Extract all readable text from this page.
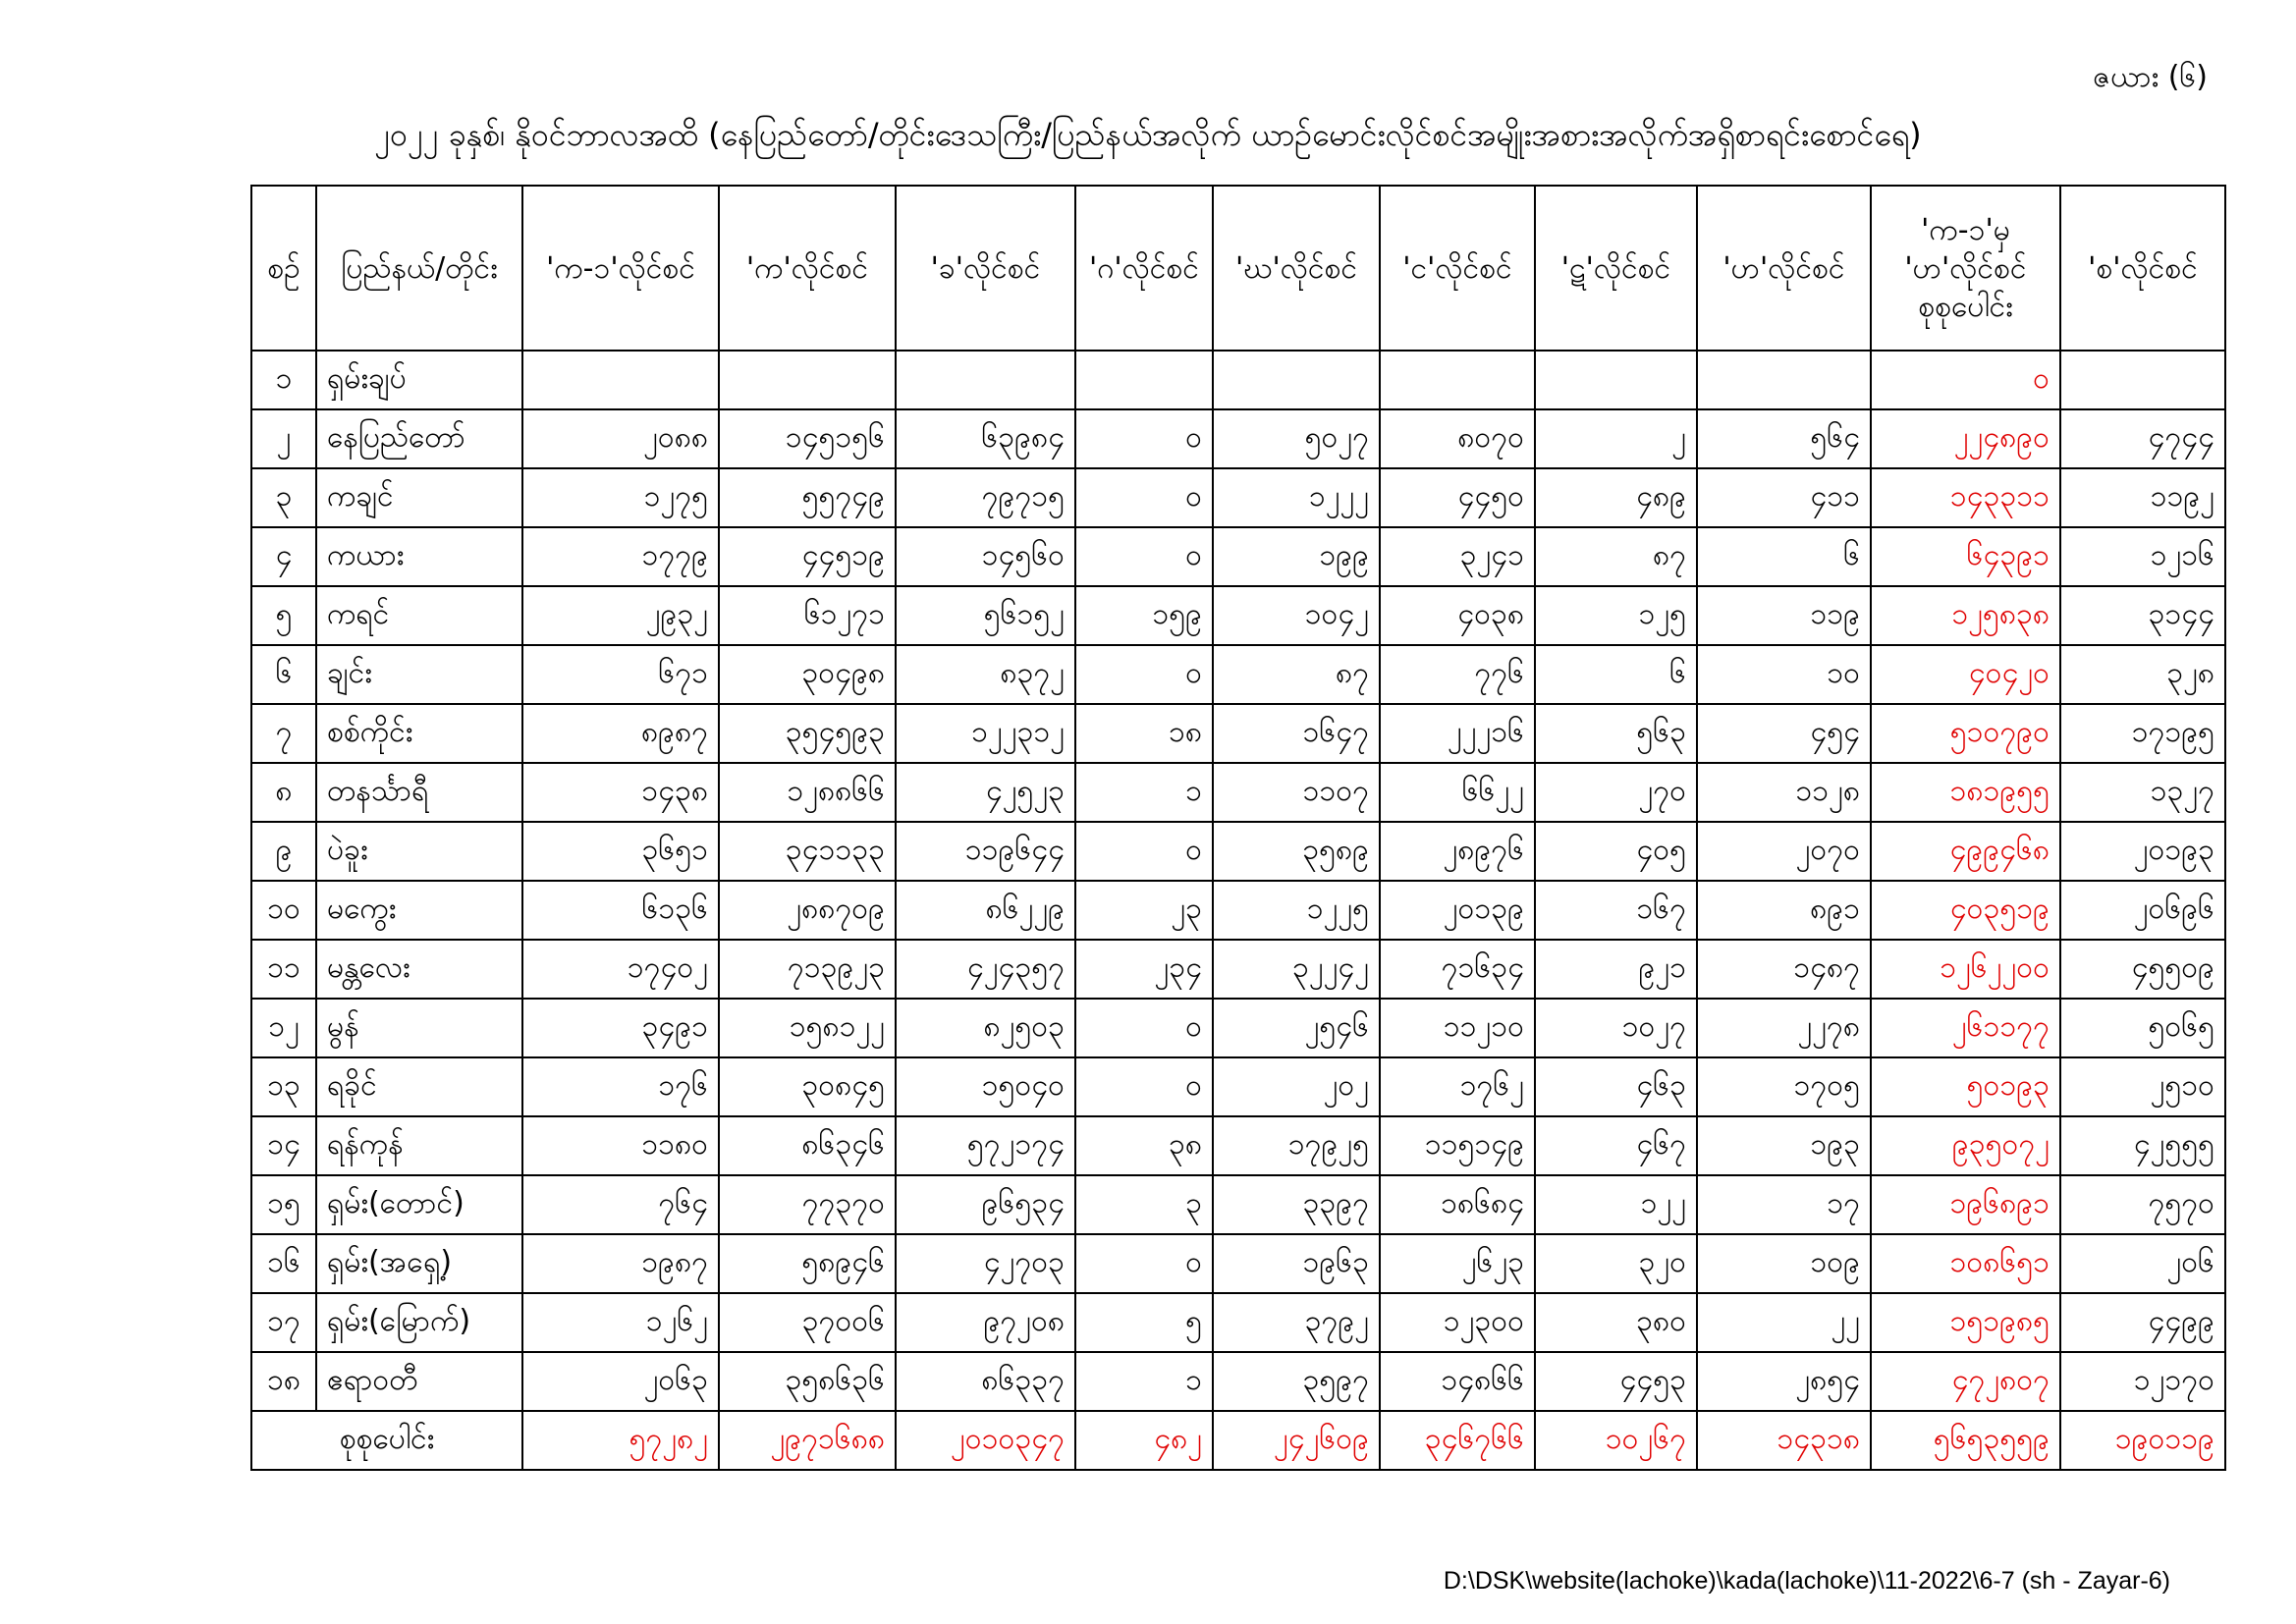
ဇယား (၆)
၂၀၂၂ ခုနှစ်၊ နိုဝင်ဘာလအထိ (နေပြည်တော်/တိုင်းဒေသကြီး/ပြည်နယ်အလိုက် ယာဉ်မောင်းလိုင်စင်အမျိုးအစားအလိုက်အရှိစာရင်းစောင်ရေ)
စဉ်	ပြည်နယ်/တိုင်း	'က-၁'လိုင်စင်	'က'လိုင်စင်	'ခ'လိုင်စင်	'ဂ'လိုင်စင်	'ဃ'လိုင်စင်	'င'လိုင်စင်	'ဋ'လိုင်စင်	'ဟ'လိုင်စင်	'က-၁'မှ 'ဟ'လိုင်စင် စုစုပေါင်း	'စ'လိုင်စင်
၁	ရှမ်းချပ်									၀	
၂	နေပြည်တော်	၂၀၈၈	၁၄၅၁၅၆	၆၃၉၈၄	၀	၅၀၂၇	၈၀၇၀	၂	၅၆၄	၂၂၄၈၉၀	၄၇၄၄
၃	ကချင်	၁၂၇၅	၅၅၇၄၉	၇၉၇၁၅	၀	၁၂၂၂	၄၄၅၀	၄၈၉	၄၁၁	၁၄၃၃၁၁	၁၁၉၂
၄	ကယား	၁၇၇၉	၄၄၅၁၉	၁၄၅၆၀	၀	၁၉၉	၃၂၄၁	၈၇	၆	၆၄၃၉၁	၁၂၁၆
၅	ကရင်	၂၉၃၂	၆၁၂၇၁	၅၆၁၅၂	၁၅၉	၁၀၄၂	၄၀၃၈	၁၂၅	၁၁၉	၁၂၅၈၃၈	၃၁၄၄
၆	ချင်း	၆၇၁	၃၀၄၉၈	၈၃၇၂	၀	၈၇	၇၇၆	၆	၁၀	၄၀၄၂၀	၃၂၈
၇	စစ်ကိုင်း	၈၉၈၇	၃၅၄၅၉၃	၁၂၂၃၁၂	၁၈	၁၆၄၇	၂၂၂၁၆	၅၆၃	၄၅၄	၅၁၀၇၉၀	၁၇၁၉၅
၈	တနင်္သာရီ	၁၄၃၈	၁၂၈၈၆၆	၄၂၅၂၃	၁	၁၁၀၇	၆၆၂၂	၂၇၀	၁၁၂၈	၁၈၁၉၅၅	၁၃၂၇
၉	ပဲခူး	၃၆၅၁	၃၄၁၁၃၃	၁၁၉၆၄၄	၀	၃၅၈၉	၂၈၉၇၆	၄၀၅	၂၀၇၀	၄၉၉၄၆၈	၂၀၁၉၃
၁၀	မကွေး	၆၁၃၆	၂၈၈၇၀၉	၈၆၂၂၉	၂၃	၁၂၂၅	၂၀၁၃၉	၁၆၇	၈၉၁	၄၀၃၅၁၉	၂၀၆၉၆
၁၁	မန္တလေး	၁၇၄၀၂	၇၁၃၉၂၃	၄၂၄၃၅၇	၂၃၄	၃၂၂၄၂	၇၁၆၃၄	၉၂၁	၁၄၈၇	၁၂၆၂၂၀၀	၄၅၅၀၉
၁၂	မွန်	၃၄၉၁	၁၅၈၁၂၂	၈၂၅၀၃	၀	၂၅၄၆	၁၁၂၁၀	၁၀၂၇	၂၂၇၈	၂၆၁၁၇၇	၅၀၆၅
၁၃	ရခိုင်	၁၇၆	၃၀၈၄၅	၁၅၀၄၀	၀	၂၀၂	၁၇၆၂	၄၆၃	၁၇၀၅	၅၀၁၉၃	၂၅၁၀
၁၄	ရန်ကုန်	၁၁၈၀	၈၆၃၄၆	၅၇၂၁၇၄	၃၈	၁၇၉၂၅	၁၁၅၁၄၉	၄၆၇	၁၉၃	၉၃၅၀၇၂	၄၂၅၅၅
၁၅	ရှမ်း(တောင်)	၇၆၄	၇၇၃၇၀	၉၆၅၃၄	၃	၃၃၉၇	၁၈၆၈၄	၁၂၂	၁၇	၁၉၆၈၉၁	၇၅၇၀
၁၆	ရှမ်း(အရှေ့)	၁၉၈၇	၅၈၉၄၆	၄၂၇၀၃	၀	၁၉၆၃	၂၆၂၃	၃၂၀	၁၀၉	၁၀၈၆၅၁	၂၀၆
၁၇	ရှမ်း(မြောက်)	၁၂၆၂	၃၇၀၀၆	၉၇၂၀၈	၅	၃၇၉၂	၁၂၃၀၀	၃၈၀	၂၂	၁၅၁၉၈၅	၄၄၉၉
၁၈	ဧရာဝတီ	၂၀၆၃	၃၅၈၆၃၆	၈၆၃၃၇	၁	၃၅၉၇	၁၄၈၆၆	၄၄၅၃	၂၈၅၄	၄၇၂၈၀၇	၁၂၁၇၀
စုစုပေါင်း		၅၇၂၈၂	၂၉၇၁၆၈၈	၂၀၁၀၃၄၇	၄၈၂	၂၄၂၆၀၉	၃၄၆၇၆၆	၁၀၂၆၇	၁၄၃၁၈	၅၆၅၃၅၅၉	၁၉၀၁၁၉
D:\DSK\website(lachoke)\kada(lachoke)\11-2022\6-7 (sh - Zayar-6)
